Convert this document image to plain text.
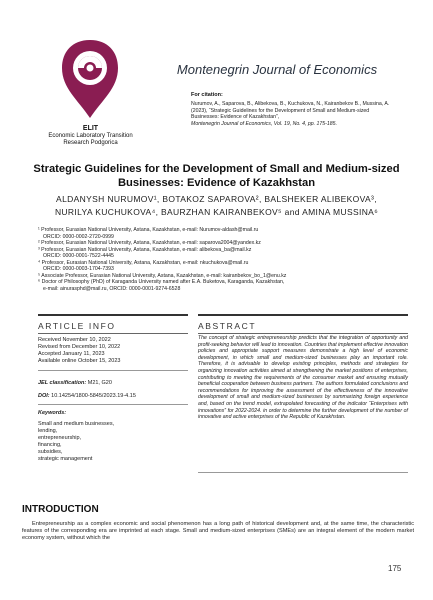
ELIT
Economic Laboratory Transition
Research Podgorica
Montenegrin Journal of Economics
For citation:
Nurumov, A., Saparova, B., Alibekova, B., Kuchukova, N., Kairanbekov B., Mussina, A.
(2023), “Strategic Guidelines for the Development of Small and Medium-sized
Businesses: Evidence of Kazakhstan”,
Montenegrin Journal of Economics, Vol. 19, No. 4, pp. 175-185.
Strategic Guidelines for the Development of Small and Medium-sized Businesses: Evidence of Kazakhstan
ALDANYSH NURUMOV¹, BOTAKOZ SAPAROVA², BALSHEKER ALIBEKOVA³,
NURILYA KUCHUKOVA⁴, BAURZHAN KAIRANBEKOV⁵ and AMINA MUSSINA⁶
¹ Professor, Eurasian National University, Astana, Kazakhstan, e-mail: Nurumov-aldash@mail.ru
ORCID: 0000-0002-2720-0999
² Professor, Eurasian National University, Astana, Kazakhstan, e-mail: saparova2004@yandex.kz
³ Professor, Eurasian National University, Astana, Kazakhstan, e-mail: alibekova_ba@mail.kz
ORCID: 0000-0001-7522-4445
⁴ Professor, Eurasian National University, Astana, Kazakhstan, e-mail: nkuchukova@mail.ru
ORCID: 0000-0003-1704-7393
⁵ Associate Professor, Eurasian National University, Astana, Kazakhstan, e-mail: kairanbekov_bo_1@enu.kz
⁶ Doctor of Philosophy (PhD) of Karaganda University named after E.A. Buketova, Karaganda, Kazakhstan,
e-mail: ainurasphd@mail.ru, ORCID: 0000-0001-9274-6528
ARTICLE INFO
Received November 10, 2022
Revised from December 10, 2022
Accepted January 11, 2023
Available online October 15, 2023
JEL classification: M21, G20
DOI: 10.14254/1800-5845/2023.19-4.15
Keywords:
Small and medium businesses,
lending,
entrepreneurship,
financing,
subsidies,
strategic management
ABSTRACT
The concept of strategic entrepreneurship predicts that the integration of opportunity and profit-seeking behavior will lead to innovation. Countries that implement effective innovation policies and appropriate support measures demonstrate a high level of economic development, in which small and medium-sized businesses play an important role. Therefore, it is advisable to develop existing principles, methods and strategies for organizing innovation activities aimed at strengthening the market positions of enterprises, contributing to meeting the requirements of the consumer market and ensuring mutually beneficial cooperation between business partners. The authors formulated conclusions and recommendations for improving the assessment of the effectiveness of the innovative development of small and medium-sized businesses by summarizing foreign experience and, based on the trend model, extrapolated forecasting of the indicator “Enterprises with innovations” for 2022-2024. in order to determine the further development of the number of innovative and active enterprises of the Republic of Kazakhstan.
INTRODUCTION
Entrepreneurship as a complex economic and social phenomenon has a long path of historical development and, at the same time, the characteristic features of the corresponding era are imprinted at each stage. Small and medium-sized enterprises (SMEs) are an integral element of the modern market economy system, without which the
175
